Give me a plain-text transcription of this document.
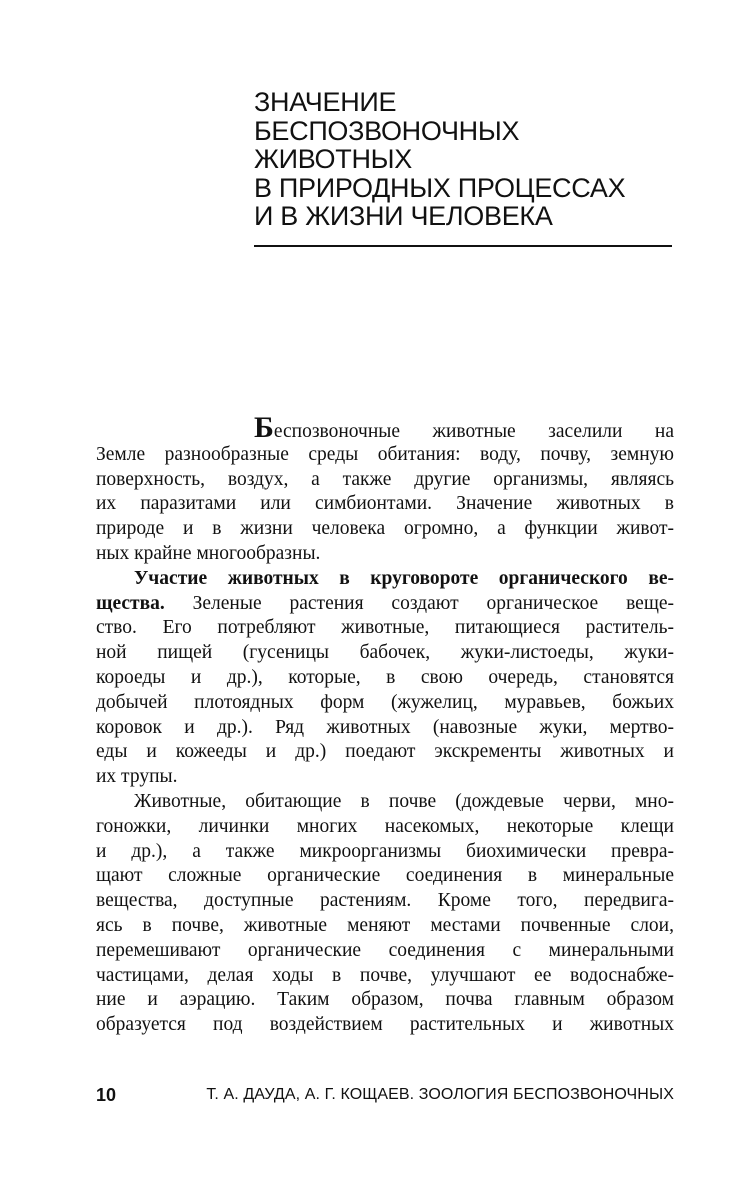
ЗНАЧЕНИЕ
БЕСПОЗВОНОЧНЫХ
ЖИВОТНЫХ
В ПРИРОДНЫХ ПРОЦЕССАХ
И В ЖИЗНИ ЧЕЛОВЕКА
Беспозвоночные животные заселили на
Земле разнообразные среды обитания: воду, почву, земную
поверхность, воздух, а также другие организмы, являясь
их паразитами или симбионтами. Значение животных в
природе и в жизни человека огромно, а функции живот-
ных крайне многообразны.
Участие животных в круговороте органического ве-
щества. Зеленые растения создают органическое веще-
ство. Его потребляют животные, питающиеся раститель-
ной пищей (гусеницы бабочек, жуки-листоеды, жуки-
короеды и др.), которые, в свою очередь, становятся
добычей плотоядных форм (жужелиц, муравьев, божьих
коровок и др.). Ряд животных (навозные жуки, мертво-
еды и кожееды и др.) поедают экскременты животных и
их трупы.
Животные, обитающие в почве (дождевые черви, мно-
гоножки, личинки многих насекомых, некоторые клещи
и др.), а также микроорганизмы биохимически превра-
щают сложные органические соединения в минеральные
вещества, доступные растениям. Кроме того, передвига-
ясь в почве, животные меняют местами почвенные слои,
перемешивают органические соединения с минеральными
частицами, делая ходы в почве, улучшают ее водоснабже-
ние и аэрацию. Таким образом, почва главным образом
образуется под воздействием растительных и животных
10	Т. А. ДАУДА, А. Г. КОЩАЕВ. ЗООЛОГИЯ БЕСПОЗВОНОЧНЫХ
